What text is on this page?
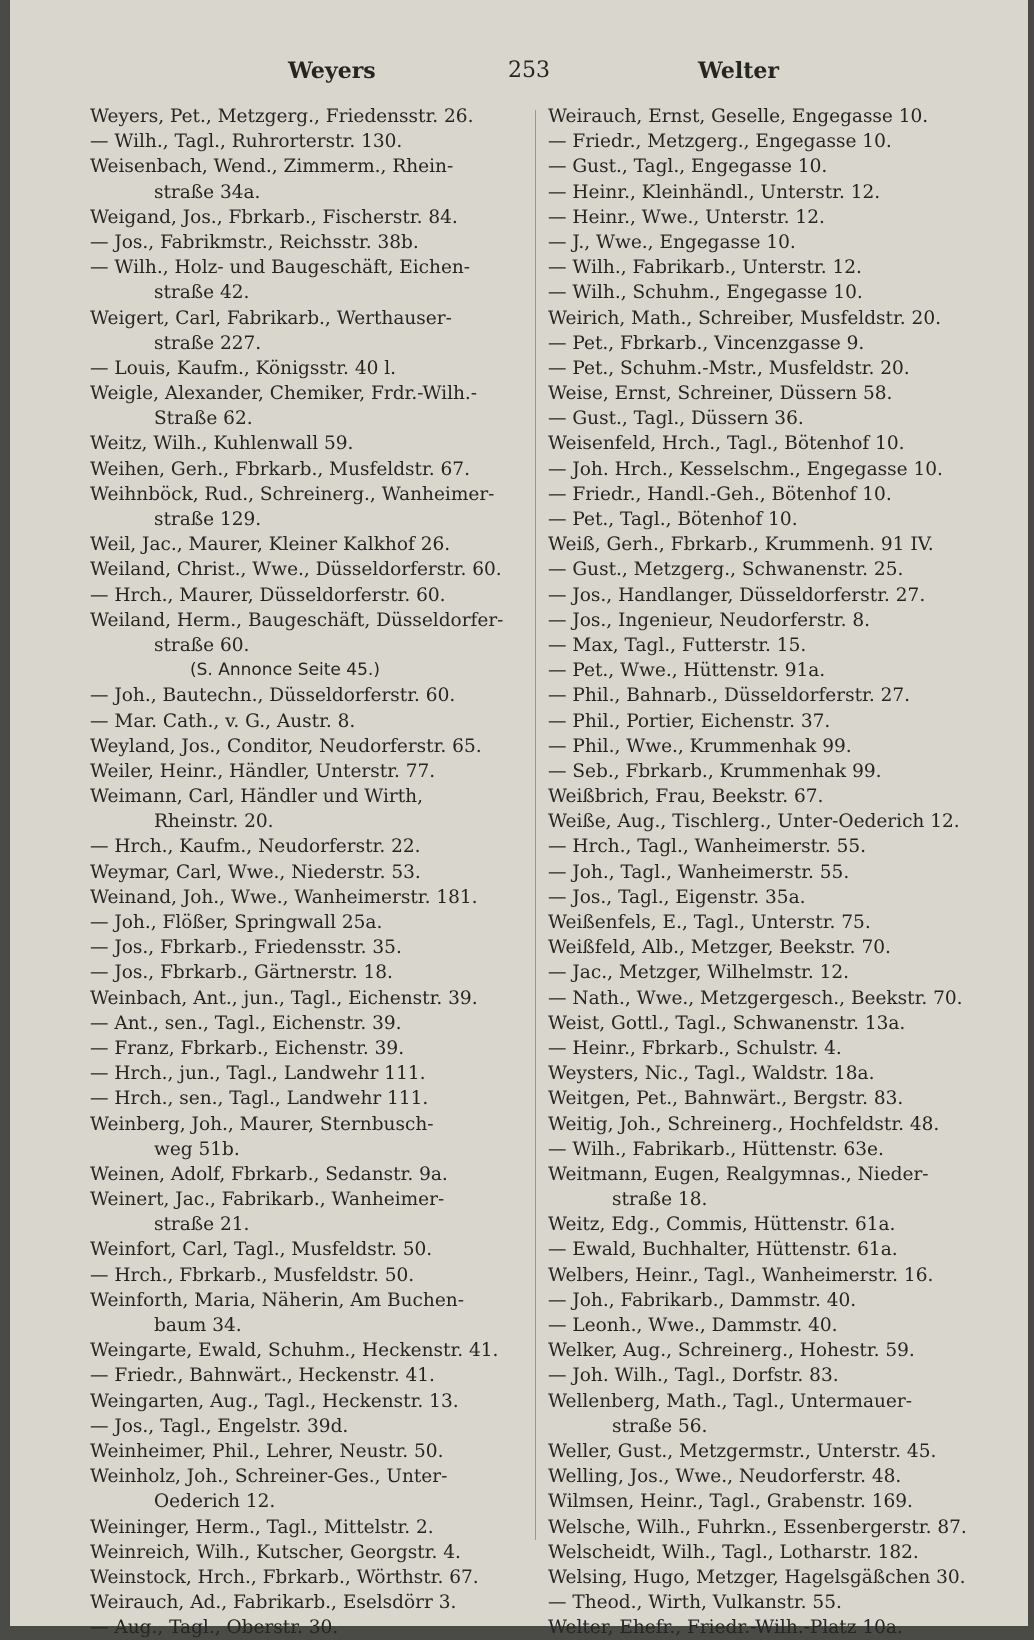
Weyers	253	Welter
Weyers, Pet., Metzgerg., Friedensstr. 26.
— Wilh., Tagl., Ruhrorterstr. 130.
Weisenbach, Wend., Zimmerm., Rhein-
straße 34a.
Weigand, Jos., Fbrkarb., Fischerstr. 84.
— Jos., Fabrikmstr., Reichsstr. 38b.
— Wilh., Holz- und Baugeschäft, Eichen-
straße 42.
Weigert, Carl, Fabrikarb., Werthauser-
straße 227.
— Louis, Kaufm., Königsstr. 40 l.
Weigle, Alexander, Chemiker, Frdr.-Wilh.-
Straße 62.
Weitz, Wilh., Kuhlenwall 59.
Weihen, Gerh., Fbrkarb., Musfeldstr. 67.
Weihnböck, Rud., Schreinerg., Wanheimer-
straße 129.
Weil, Jac., Maurer, Kleiner Kalkhof 26.
Weiland, Christ., Wwe., Düsseldorferstr. 60.
— Hrch., Maurer, Düsseldorferstr. 60.
Weiland, Herm., Baugeschäft, Düsseldorfer-
straße 60.
(S. Annonce Seite 45.)
— Joh., Bautechn., Düsseldorferstr. 60.
— Mar. Cath., v. G., Austr. 8.
Weyland, Jos., Conditor, Neudorferstr. 65.
Weiler, Heinr., Händler, Unterstr. 77.
Weimann, Carl, Händler und Wirth,
Rheinstr. 20.
— Hrch., Kaufm., Neudorferstr. 22.
Weymar, Carl, Wwe., Niederstr. 53.
Weinand, Joh., Wwe., Wanheimerstr. 181.
— Joh., Flößer, Springwall 25a.
— Jos., Fbrkarb., Friedensstr. 35.
— Jos., Fbrkarb., Gärtnerstr. 18.
Weinbach, Ant., jun., Tagl., Eichenstr. 39.
— Ant., sen., Tagl., Eichenstr. 39.
— Franz, Fbrkarb., Eichenstr. 39.
— Hrch., jun., Tagl., Landwehr 111.
— Hrch., sen., Tagl., Landwehr 111.
Weinberg, Joh., Maurer, Sternbusch-
weg 51b.
Weinen, Adolf, Fbrkarb., Sedanstr. 9a.
Weinert, Jac., Fabrikarb., Wanheimer-
straße 21.
Weinfort, Carl, Tagl., Musfeldstr. 50.
— Hrch., Fbrkarb., Musfeldstr. 50.
Weinforth, Maria, Näherin, Am Buchen-
baum 34.
Weingarte, Ewald, Schuhm., Heckenstr. 41.
— Friedr., Bahnwärt., Heckenstr. 41.
Weingarten, Aug., Tagl., Heckenstr. 13.
— Jos., Tagl., Engelstr. 39d.
Weinheimer, Phil., Lehrer, Neustr. 50.
Weinholz, Joh., Schreiner-Ges., Unter-
Oederich 12.
Weininger, Herm., Tagl., Mittelstr. 2.
Weinreich, Wilh., Kutscher, Georgstr. 4.
Weinstock, Hrch., Fbrkarb., Wörthstr. 67.
Weirauch, Ad., Fabrikarb., Eselsdörr 3.
— Aug., Tagl., Oberstr. 30.
Weirauch, Ernst, Geselle, Engegasse 10.
— Friedr., Metzgerg., Engegasse 10.
— Gust., Tagl., Engegasse 10.
— Heinr., Kleinhändl., Unterstr. 12.
— Heinr., Wwe., Unterstr. 12.
— J., Wwe., Engegasse 10.
— Wilh., Fabrikarb., Unterstr. 12.
— Wilh., Schuhm., Engegasse 10.
Weirich, Math., Schreiber, Musfeldstr. 20.
— Pet., Fbrkarb., Vincenzgasse 9.
— Pet., Schuhm.-Mstr., Musfeldstr. 20.
Weise, Ernst, Schreiner, Düssern 58.
— Gust., Tagl., Düssern 36.
Weisenfeld, Hrch., Tagl., Bötenhof 10.
— Joh. Hrch., Kesselschm., Engegasse 10.
— Friedr., Handl.-Geh., Bötenhof 10.
— Pet., Tagl., Bötenhof 10.
Weiß, Gerh., Fbrkarb., Krummenh. 91 IV.
— Gust., Metzgerg., Schwanenstr. 25.
— Jos., Handlanger, Düsseldorferstr. 27.
— Jos., Ingenieur, Neudorferstr. 8.
— Max, Tagl., Futterstr. 15.
— Pet., Wwe., Hüttenstr. 91a.
— Phil., Bahnarb., Düsseldorferstr. 27.
— Phil., Portier, Eichenstr. 37.
— Phil., Wwe., Krummenhak 99.
— Seb., Fbrkarb., Krummenhak 99.
Weißbrich, Frau, Beekstr. 67.
Weiße, Aug., Tischlerg., Unter-Oederich 12.
— Hrch., Tagl., Wanheimerstr. 55.
— Joh., Tagl., Wanheimerstr. 55.
— Jos., Tagl., Eigenstr. 35a.
Weißenfels, E., Tagl., Unterstr. 75.
Weißfeld, Alb., Metzger, Beekstr. 70.
— Jac., Metzger, Wilhelmstr. 12.
— Nath., Wwe., Metzgergesch., Beekstr. 70.
Weist, Gottl., Tagl., Schwanenstr. 13a.
— Heinr., Fbrkarb., Schulstr. 4.
Weysters, Nic., Tagl., Waldstr. 18a.
Weitgen, Pet., Bahnwärt., Bergstr. 83.
Weitig, Joh., Schreinerg., Hochfeldstr. 48.
— Wilh., Fabrikarb., Hüttenstr. 63e.
Weitmann, Eugen, Realgymnas., Nieder-
straße 18.
Weitz, Edg., Commis, Hüttenstr. 61a.
— Ewald, Buchhalter, Hüttenstr. 61a.
Welbers, Heinr., Tagl., Wanheimerstr. 16.
— Joh., Fabrikarb., Dammstr. 40.
— Leonh., Wwe., Dammstr. 40.
Welker, Aug., Schreinerg., Hohestr. 59.
— Joh. Wilh., Tagl., Dorfstr. 83.
Wellenberg, Math., Tagl., Untermauer-
straße 56.
Weller, Gust., Metzgermstr., Unterstr. 45.
Welling, Jos., Wwe., Neudorferstr. 48.
Wilmsen, Heinr., Tagl., Grabenstr. 169.
Welsche, Wilh., Fuhrkn., Essenbergerstr. 87.
Welscheidt, Wilh., Tagl., Lotharstr. 182.
Welsing, Hugo, Metzger, Hagelsgäßchen 30.
— Theod., Wirth, Vulkanstr. 55.
Welter, Ehefr., Friedr.-Wilh.-Platz 10a.
